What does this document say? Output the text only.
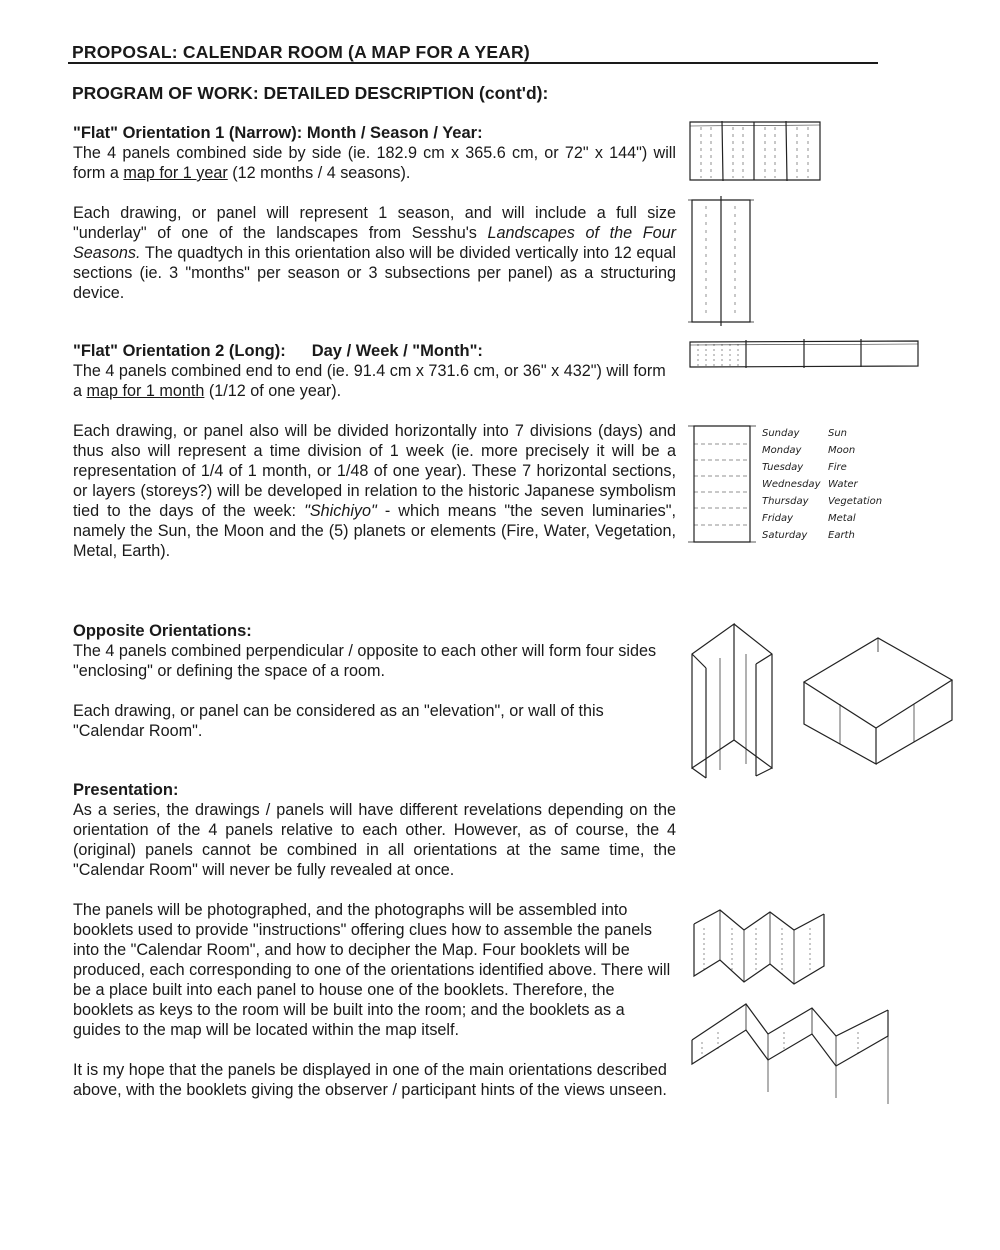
PROPOSAL: CALENDAR ROOM (A MAP FOR A YEAR)
PROGRAM OF WORK: DETAILED DESCRIPTION (cont'd):
"Flat" Orientation 1 (Narrow): Month / Season / Year:

The 4 panels combined side by side (ie. 182.9 cm x 365.6 cm, or 72" x 144") will form a map for 1 year (12 months / 4 seasons).

Each drawing, or panel will represent 1 season, and will include a full size "underlay" of one of the landscapes from Sesshu's Landscapes of the Four Seasons. The quadtych in this orientation also will be divided vertically into 12 equal sections (ie. 3 "months" per season or 3 subsections per panel) as a structuring device.

"Flat" Orientation 2 (Long): Day / Week / "Month":

The 4 panels combined end to end (ie. 91.4 cm x 731.6 cm, or 36" x 432") will form a map for 1 month (1/12 of one year).

Each drawing, or panel also will be divided horizontally into 7 divisions (days) and thus also will represent a time division of 1 week (ie. more precisely it will be a representation of 1/4 of 1 month, or 1/48 of one year). These 7 horizontal sections, or layers (storeys?) will be developed in relation to the historic Japanese symbolism tied to the days of the week: "Shichiyo" - which means "the seven luminaries", namely the Sun, the Moon and the (5) planets or elements (Fire, Water, Vegetation, Metal, Earth).

Opposite Orientations:

The 4 panels combined perpendicular / opposite to each other will form four sides "enclosing" or defining the space of a room.

Each drawing, or panel can be considered as an "elevation", or wall of this "Calendar Room".

Presentation:

As a series, the drawings / panels will have different revelations depending on the orientation of the 4 panels relative to each other. However, as of course, the 4 (original) panels cannot be combined in all orientations at the same time, the "Calendar Room" will never be fully revealed at once.

The panels will be photographed, and the photographs will be assembled into booklets used to provide "instructions" offering clues how to assemble the panels into the "Calendar Room", and how to decipher the Map. Four booklets will be produced, each corresponding to one of the orientations identified above. There will be a place built into each panel to house one of the booklets. Therefore, the booklets as keys to the room will be built into the room; and the booklets as a guides to the map will be located within the map itself.

It is my hope that the panels be displayed in one of the main orientations described above, with the booklets giving the observer / participant hints of the views unseen.

Sunday	Sun
Monday	Moon
Tuesday Fire
Wednesday Water
Thursday Vegetation
Friday	Metal
Saturday Earth
